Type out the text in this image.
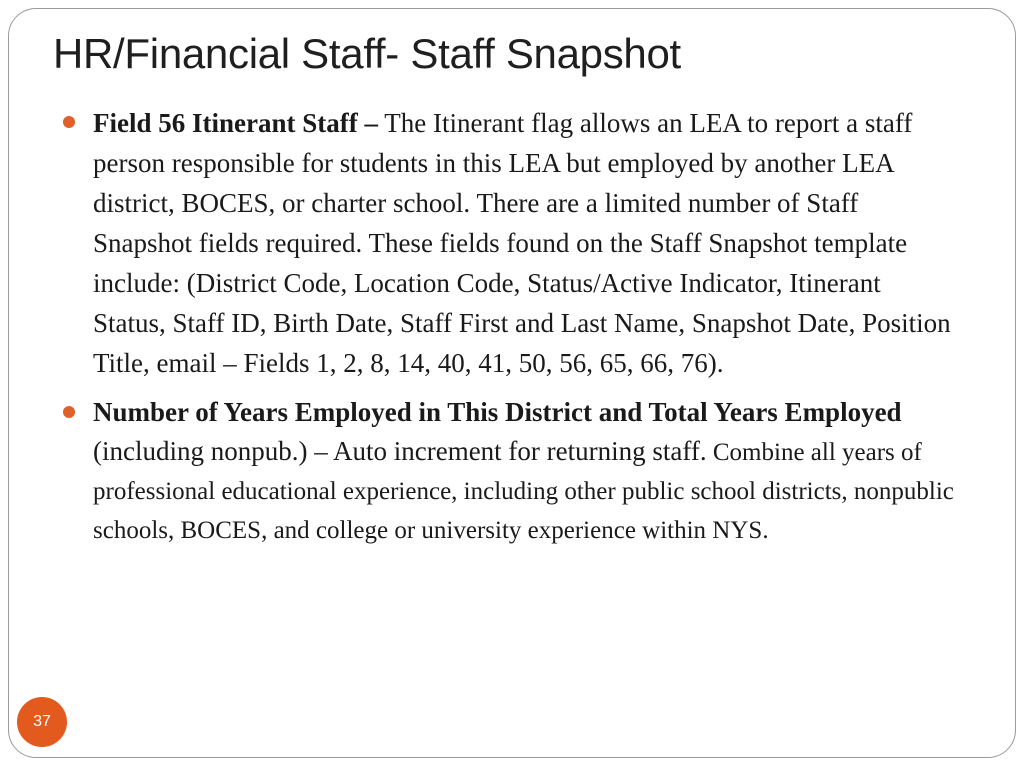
HR/Financial Staff- Staff Snapshot
Field 56 Itinerant Staff – The Itinerant flag allows an LEA to report a staff person responsible for students in this LEA but employed by another LEA district, BOCES, or charter school. There are a limited number of Staff Snapshot fields required. These fields found on the Staff Snapshot template include: (District Code, Location Code, Status/Active Indicator, Itinerant Status, Staff ID, Birth Date, Staff First and Last Name, Snapshot Date, Position Title, email – Fields 1, 2, 8, 14, 40, 41, 50, 56, 65, 66, 76).
Number of Years Employed in This District and Total Years Employed (including nonpub.) – Auto increment for returning staff. Combine all years of professional educational experience, including other public school districts, nonpublic schools, BOCES, and college or university experience within NYS.
37
